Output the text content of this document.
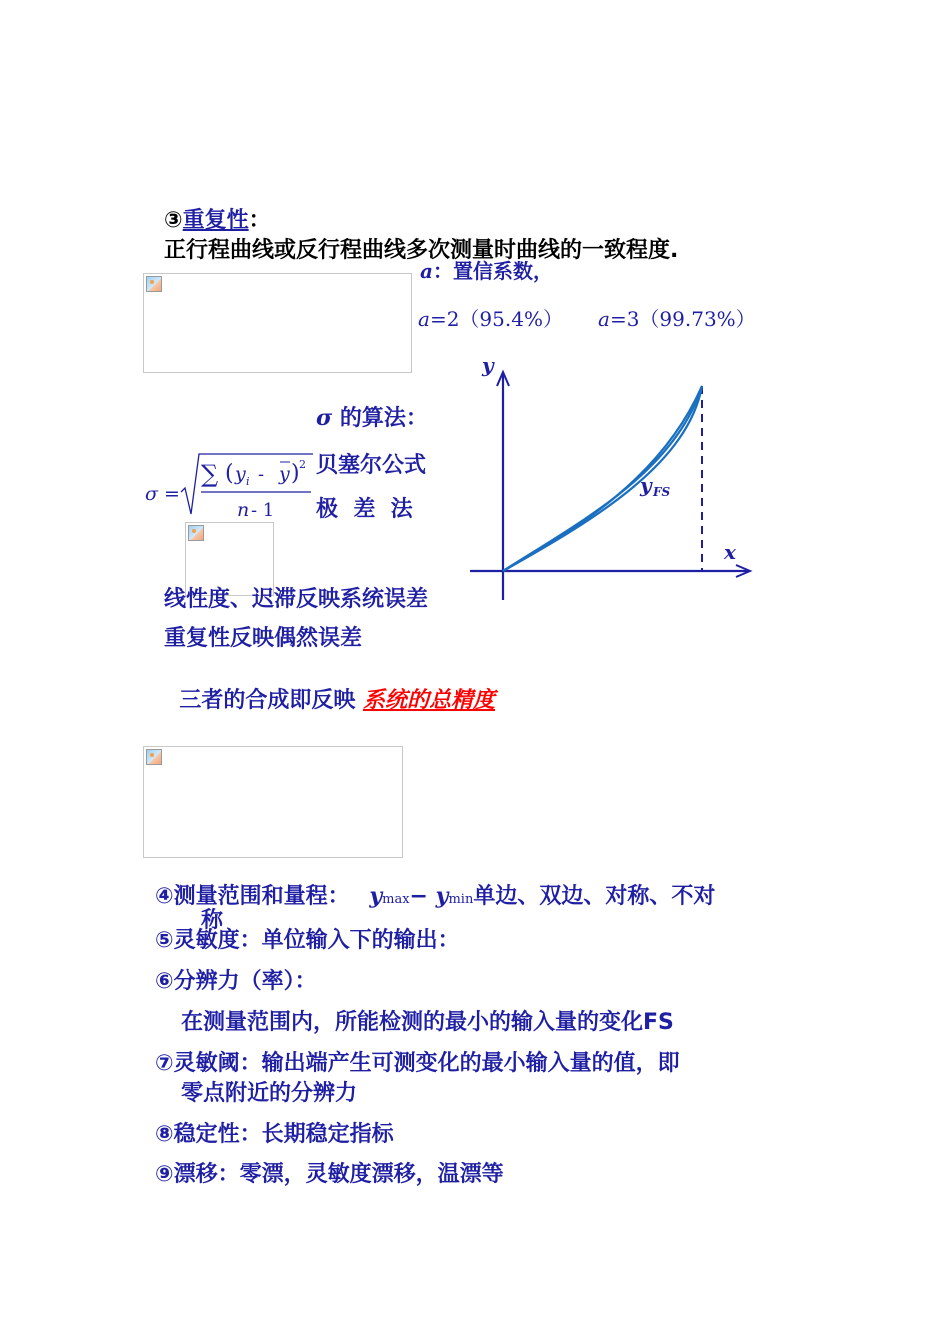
③重复性：
正行程曲线或反行程曲线多次测量时曲线的一致程度.
a：置信系数，
a=2（95.4%） a=3（99.73%）
σ 的算法：
贝塞尔公式
极  差  法
σ =
∑ ( y i - y ) 2
n - 1
y
x
y FS
线性度、迟滞反映系统误差
重复性反映偶然误差

三者的合成即反映 系统的总精度

④测量范围和量程： ymax− ymin单边、双边、对称、不对
称
⑤灵敏度：单位输入下的输出：
⑥分辨力（率）：
在测量范围内，所能检测的最小的输入量的变化FS
⑦灵敏阈：输出端产生可测变化的最小输入量的值，即
零点附近的分辨力
⑧稳定性：长期稳定指标
⑨漂移：零漂，灵敏度漂移，温漂等
